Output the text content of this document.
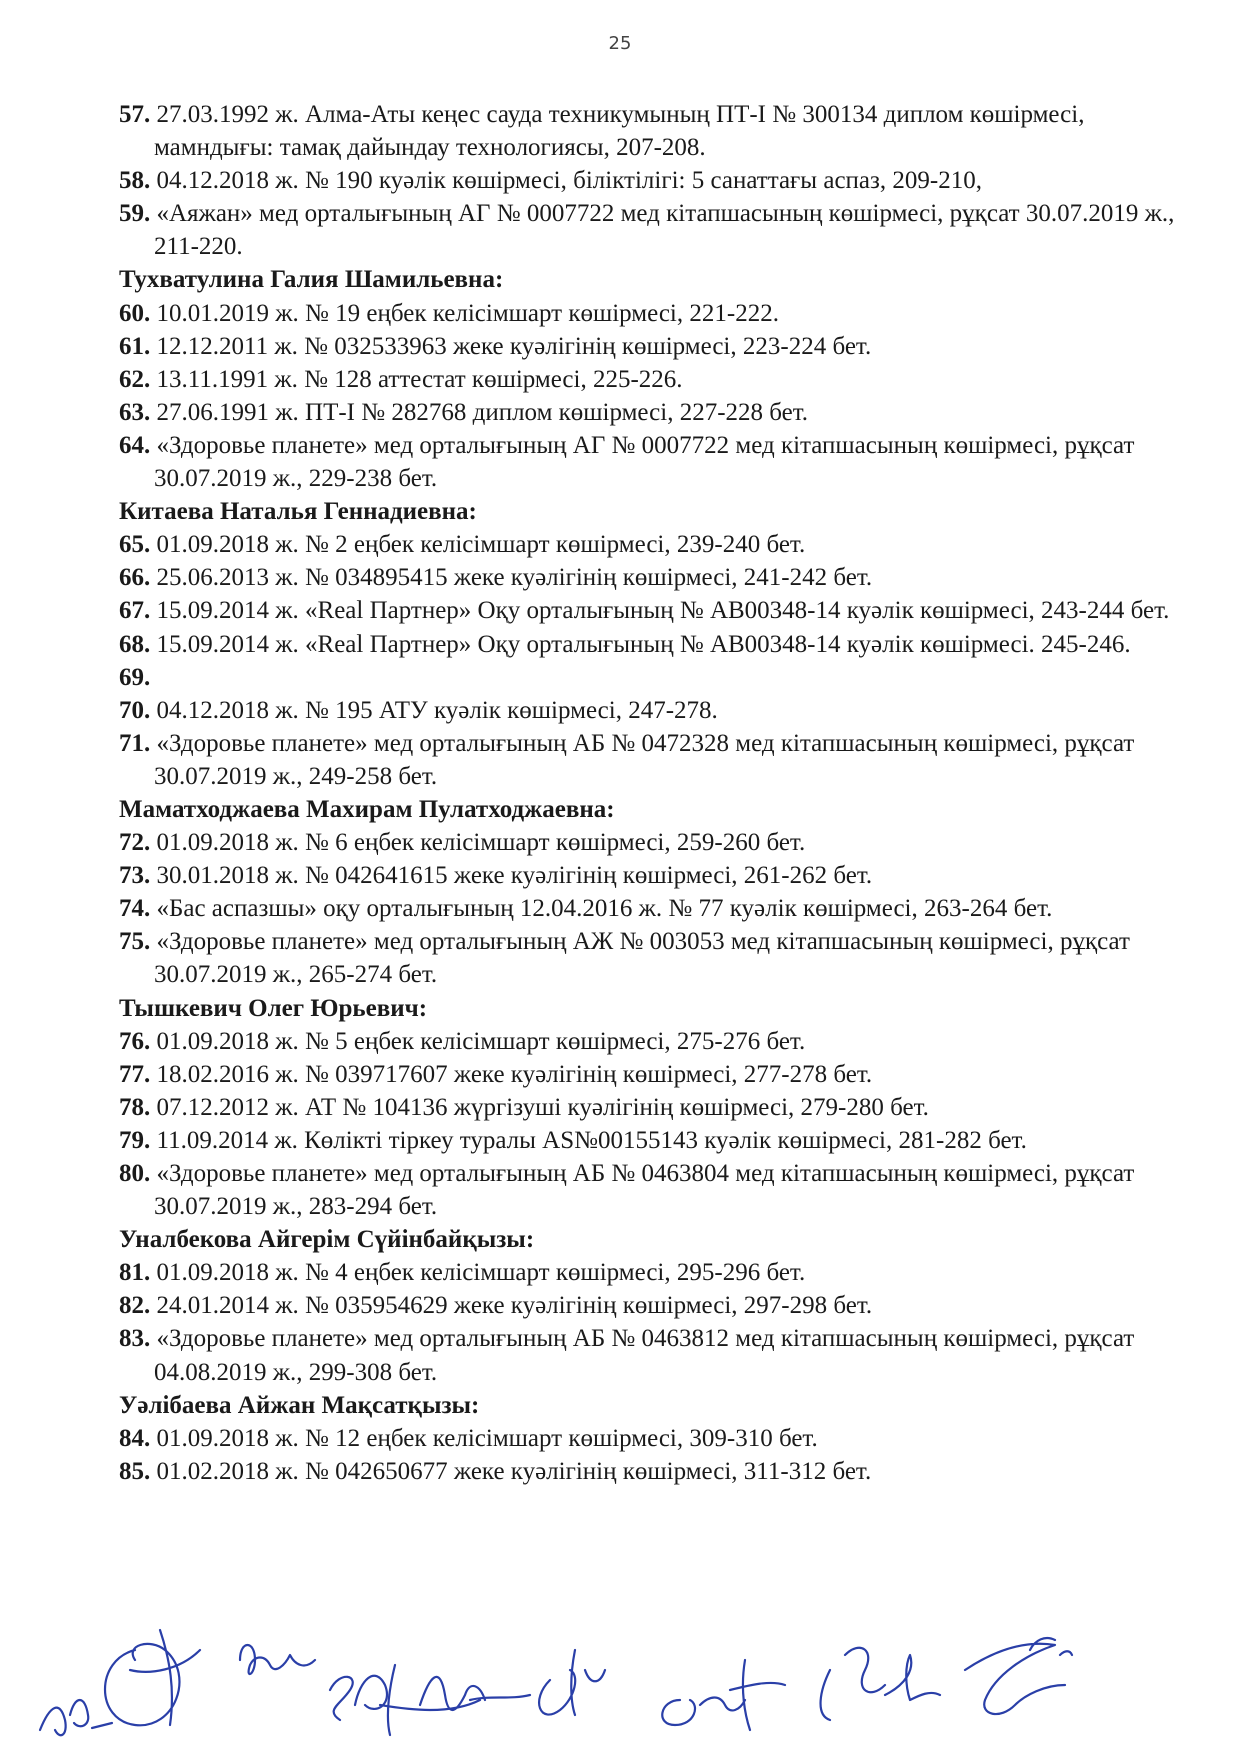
25
57. 27.03.1992 ж. Алма-Аты кеңес сауда техникумының ПТ-І № 300134 диплом көшірмесі, мамндығы: тамақ дайындау технологиясы, 207-208.
58. 04.12.2018 ж. № 190 куәлік көшірмесі, біліктілігі: 5 санаттағы аспаз, 209-210,
59. «Аяжан» мед орталығының АГ № 0007722 мед кітапшасының көшірмесі, рұқсат 30.07.2019 ж., 211-220.
Тухватулина Галия Шамильевна:
60. 10.01.2019 ж. № 19 еңбек келісімшарт көшірмесі, 221-222.
61. 12.12.2011 ж. № 032533963 жеке куәлігінің көшірмесі, 223-224 бет.
62. 13.11.1991 ж. № 128 аттестат көшірмесі, 225-226.
63. 27.06.1991 ж. ПТ-І № 282768 диплом көшірмесі, 227-228 бет.
64. «Здоровье планете» мед орталығының АГ № 0007722 мед кітапшасының көшірмесі, рұқсат 30.07.2019 ж., 229-238 бет.
Китаева Наталья Геннадиевна:
65. 01.09.2018 ж. № 2 еңбек келісімшарт көшірмесі, 239-240 бет.
66. 25.06.2013 ж. № 034895415 жеке куәлігінің көшірмесі, 241-242 бет.
67. 15.09.2014 ж. «Real Партнер» Оқу орталығының № АВ00348-14 куәлік көшірмесі, 243-244 бет.
68. 15.09.2014 ж. «Real Партнер» Оқу орталығының № АВ00348-14 куәлік көшірмесі. 245-246.
69.
70. 04.12.2018 ж. № 195 АТУ куәлік көшірмесі, 247-278.
71. «Здоровье планете» мед орталығының АБ № 0472328 мед кітапшасының көшірмесі, рұқсат 30.07.2019 ж., 249-258 бет.
Маматходжаева Махирам Пулатходжаевна:
72. 01.09.2018 ж. № 6 еңбек келісімшарт көшірмесі, 259-260 бет.
73. 30.01.2018 ж. № 042641615 жеке куәлігінің көшірмесі, 261-262 бет.
74. «Бас аспазшы» оқу орталығының 12.04.2016 ж. № 77 куәлік көшірмесі, 263-264 бет.
75. «Здоровье планете» мед орталығының АЖ № 003053 мед кітапшасының көшірмесі, рұқсат 30.07.2019 ж., 265-274 бет.
Тышкевич Олег Юрьевич:
76. 01.09.2018 ж. № 5 еңбек келісімшарт көшірмесі, 275-276 бет.
77. 18.02.2016 ж. № 039717607 жеке куәлігінің көшірмесі, 277-278 бет.
78. 07.12.2012 ж. АТ № 104136 жүргізуші куәлігінің көшірмесі, 279-280 бет.
79. 11.09.2014 ж. Көлікті тіркеу туралы AS№00155143 куәлік көшірмесі, 281-282 бет.
80. «Здоровье планете» мед орталығының АБ № 0463804 мед кітапшасының көшірмесі, рұқсат 30.07.2019 ж., 283-294 бет.
Уналбекова Айгерім Сүйінбайқызы:
81. 01.09.2018 ж. № 4 еңбек келісімшарт көшірмесі, 295-296 бет.
82. 24.01.2014 ж. № 035954629 жеке куәлігінің көшірмесі, 297-298 бет.
83. «Здоровье планете» мед орталығының АБ № 0463812 мед кітапшасының көшірмесі, рұқсат 04.08.2019 ж., 299-308 бет.
Уәлібаева Айжан Мақсатқызы:
84. 01.09.2018 ж. № 12 еңбек келісімшарт көшірмесі, 309-310 бет.
85. 01.02.2018 ж. № 042650677 жеке куәлігінің көшірмесі, 311-312 бет.
